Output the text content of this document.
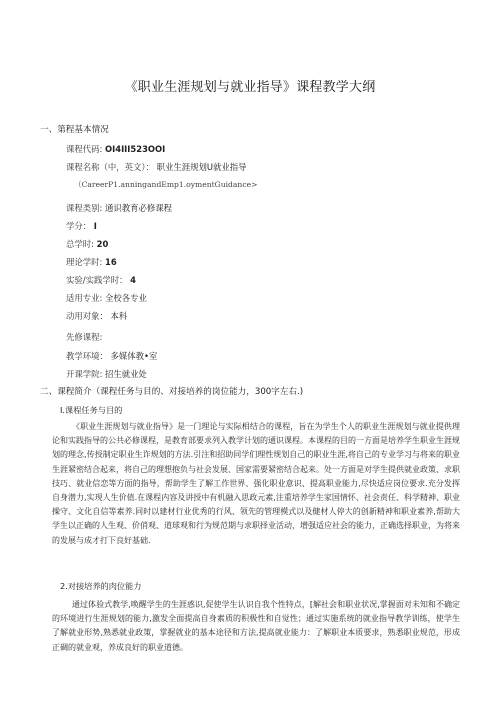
《职业生涯规划与就业指导》课程教学大纲
一、第程基本情况
课程代码: OI4III523OOI
课程名称（中，英文）： 职业生涯规划U就业指导
（CareerP1.anningandEmp1.oymentGuidance>
课程类别: 通识教育必修课程
学分： I
总学时: 20
理论学时: 16
实验/实践学时： 4
适用专业: 全校各专业
动用对象： 本科
先修课程:
教学环境： 多媒体教•室
开课学院: 招生就业处
二、课程简介（课程任务与目的、对接培养的岗位能力，300字左右.)
I.课程任务与目的

《职业生涯规划与就业指导》是一门理论与实际相结合的课程，旨在为学生个人的职业生涯规划与就业提供理论和实践指导的公共必修课程，是教育部要求列入教学计划的通识课程。本课程的目的一方面是培养学生职业生涯规划的理念,传授制定职业生诈规划的方法.引注和招助同学们理性规划自己的职业生涯,将自己的专业学习与将来的职业生涯紧密结合起来，将自己的理想抱负与社会发展、国家需要紧密结合起来。处一方面是对学生提供就业政策、求职技巧、就业信恋等方面的指导，帮助学生了解工作世界、强化职业意识、提高职业能力,尽快适应岗位要求.充分发挥自身潜力,实现人生价值.在课程内容及讲授中有机融入思政元素,注重培养学生家国情怀、社会责任、科学精神、职业操守、文化自信等素养.同时以建材行业优秀的行风、领先的管理模式以及健材人停大的创新精神和职业素养,帮助大学生以正确的人生观、价俏观、道球观和行为规范期与求职择业活动，增强适应社会的能力，正确选择职业，为将来的发展与成才打下良好基础.

2.对接培养的肉位能力

通过体验式教学,唤醒学生的生涯惑识,促使学生认识自我个性特点，[解社会和职业状况,掌握面对未知和不确定的环境进行生涯规划的能力,激发全面提高自身素质的积极性和自觉性；通过实施系统的就业指导教学训练，使学生了解就业形势,熟悉就业政策，掌握就业的基本途径和方法,提高就业能力：了解职业本质要求，熟悉职业规范，形成正碉的就业观，养成良好的职业道德。
